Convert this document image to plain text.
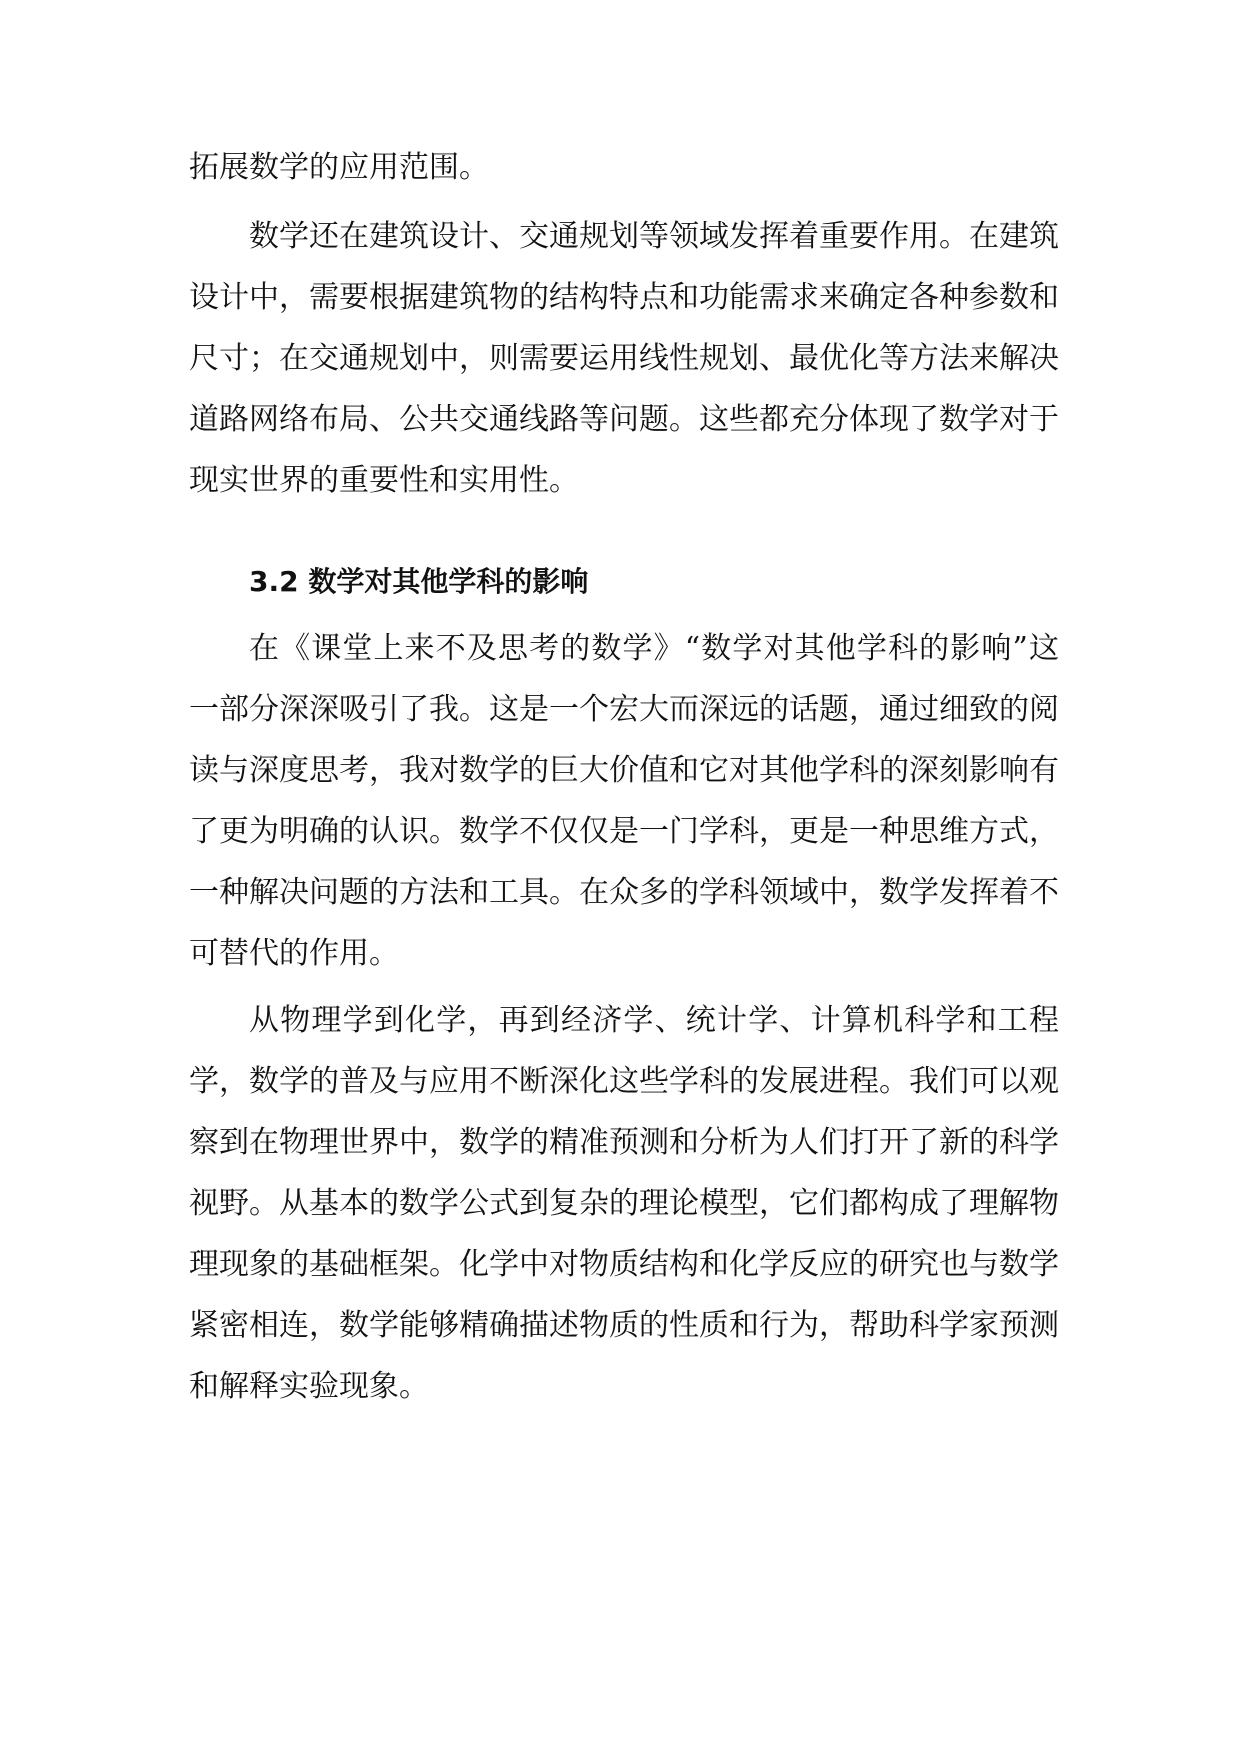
拓展数学的应用范围。

数学还在建筑设计、交通规划等领域发挥着重要作用。在建筑设计中，需要根据建筑物的结构特点和功能需求来确定各种参数和尺寸；在交通规划中，则需要运用线性规划、最优化等方法来解决道路网络布局、公共交通线路等问题。这些都充分体现了数学对于现实世界的重要性和实用性。

3.2 数学对其他学科的影响

在《课堂上来不及思考的数学》“数学对其他学科的影响”这一部分深深吸引了我。这是一个宏大而深远的话题，通过细致的阅读与深度思考，我对数学的巨大价值和它对其他学科的深刻影响有了更为明确的认识。数学不仅仅是一门学科，更是一种思维方式，一种解决问题的方法和工具。在众多的学科领域中，数学发挥着不可替代的作用。

从物理学到化学，再到经济学、统计学、计算机科学和工程学，数学的普及与应用不断深化这些学科的发展进程。我们可以观察到在物理世界中，数学的精准预测和分析为人们打开了新的科学视野。从基本的数学公式到复杂的理论模型，它们都构成了理解物理现象的基础框架。化学中对物质结构和化学反应的研究也与数学紧密相连，数学能够精确描述物质的性质和行为，帮助科学家预测和解释实验现象。
